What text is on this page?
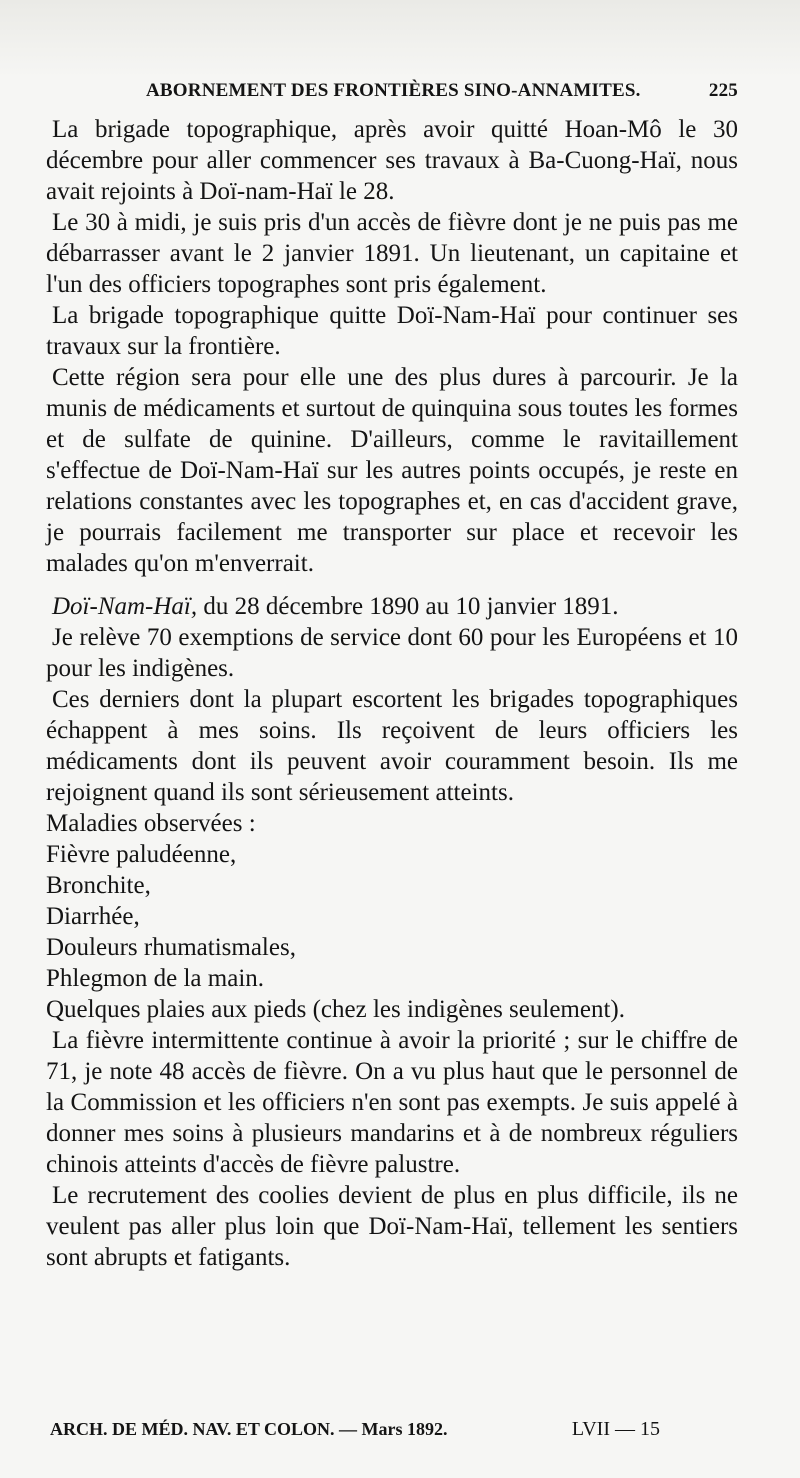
ABORNEMENT DES FRONTIÈRES SINO-ANNAMITES.	225

La brigade topographique, après avoir quitté Hoan-Mô le 30 décembre pour aller commencer ses travaux à Ba-Cuong-Haï, nous avait rejoints à Doï-nam-Haï le 28.

Le 30 à midi, je suis pris d'un accès de fièvre dont je ne puis pas me débarrasser avant le 2 janvier 1891. Un lieutenant, un capitaine et l'un des officiers topographes sont pris également.

La brigade topographique quitte Doï-Nam-Haï pour continuer ses travaux sur la frontière.

Cette région sera pour elle une des plus dures à parcourir. Je la munis de médicaments et surtout de quinquina sous toutes les formes et de sulfate de quinine. D'ailleurs, comme le ravitaillement s'effectue de Doï-Nam-Haï sur les autres points occupés, je reste en relations constantes avec les topographes et, en cas d'accident grave, je pourrais facilement me transporter sur place et recevoir les malades qu'on m'enverrait.

Doï-Nam-Haï, du 28 décembre 1890 au 10 janvier 1891.

Je relève 70 exemptions de service dont 60 pour les Européens et 10 pour les indigènes.

Ces derniers dont la plupart escortent les brigades topographiques échappent à mes soins. Ils reçoivent de leurs officiers les médicaments dont ils peuvent avoir couramment besoin. Ils me rejoignent quand ils sont sérieusement atteints.

Maladies observées :

Fièvre paludéenne,

Bronchite,

Diarrhée,

Douleurs rhumatismales,

Phlegmon de la main.

Quelques plaies aux pieds (chez les indigènes seulement).

La fièvre intermittente continue à avoir la priorité ; sur le chiffre de 71, je note 48 accès de fièvre. On a vu plus haut que le personnel de la Commission et les officiers n'en sont pas exempts. Je suis appelé à donner mes soins à plusieurs mandarins et à de nombreux réguliers chinois atteints d'accès de fièvre palustre.

Le recrutement des coolies devient de plus en plus difficile, ils ne veulent pas aller plus loin que Doï-Nam-Haï, tellement les sentiers sont abrupts et fatigants.

ARCH. DE MÉD. NAV. ET COLON. — Mars 1892.	LVII — 15
